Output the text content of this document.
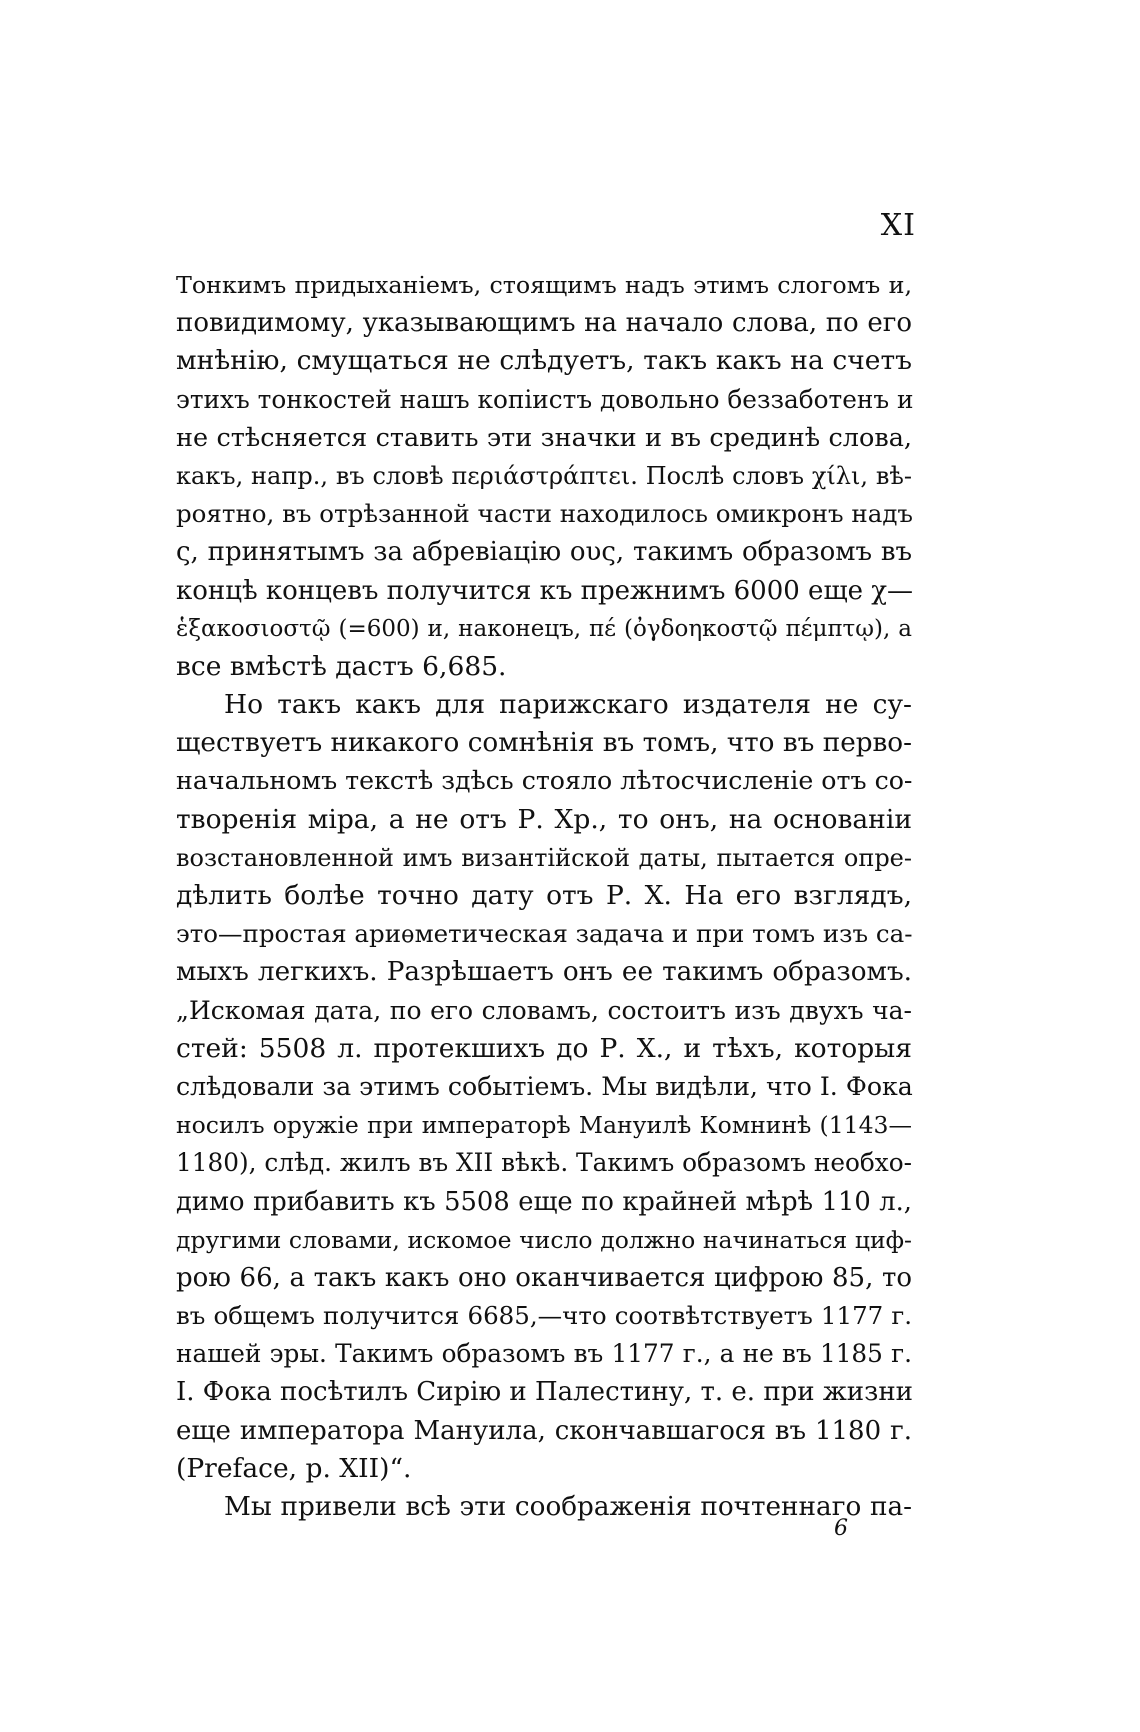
XI
Тонкимъ придыханіемъ, стоящимъ надъ этимъ слогомъ и,
повидимому, указывающимъ на начало слова, по его
мнѣнію, смущаться не слѣдуетъ, такъ какъ на счетъ
этихъ тонкостей нашъ копіистъ довольно беззаботенъ и
не стѣсняется ставить эти значки и въ срединѣ слова,
какъ, напр., въ словѣ περιάστράπτει. Послѣ словъ χίλι, вѣ-
роятно, въ отрѣзанной части находилось омикронъ надъ
ς, принятымъ за абревіацію ους, такимъ образомъ въ
концѣ концевъ получится къ прежнимъ 6000 еще χ—
ἑξακοσιοστῷ (=600) и, наконецъ, πέ (ὀγδοηκοστῷ πέμπτῳ), а
все вмѣстѣ дастъ 6,685.
Но такъ какъ для парижскаго издателя не су-
ществуетъ никакого сомнѣнія въ томъ, что въ перво-
начальномъ текстѣ здѣсь стояло лѣтосчисленіе отъ со-
творенія міра, а не отъ Р. Хр., то онъ, на основаніи
возстановленной имъ византійской даты, пытается опре-
дѣлить болѣе точно дату отъ Р. Х. На его взглядъ,
это—простая ариѳметическая задача и при томъ изъ са-
мыхъ легкихъ. Разрѣшаетъ онъ ее такимъ образомъ.
„Искомая дата, по его словамъ, состоитъ изъ двухъ ча-
стей: 5508 л. протекшихъ до Р. Х., и тѣхъ, которыя
слѣдовали за этимъ событіемъ. Мы видѣли, что І. Фока
носилъ оружіе при императорѣ Мануилѣ Комнинѣ (1143—
1180), слѣд. жилъ въ XII вѣкѣ. Такимъ образомъ необхо-
димо прибавить къ 5508 еще по крайней мѣрѣ 110 л.,
другими словами, искомое число должно начинаться циф-
рою 66, а такъ какъ оно оканчивается цифрою 85, то
въ общемъ получится 6685,—что соотвѣтствуетъ 1177 г.
нашей эры. Такимъ образомъ въ 1177 г., а не въ 1185 г.
І. Фока посѣтилъ Сирію и Палестину, т. е. при жизни
еще императора Мануила, скончавшагося въ 1180 г.
(Preface, p. XII)“.
Мы привели всѣ эти соображенія почтеннаго па-
6
